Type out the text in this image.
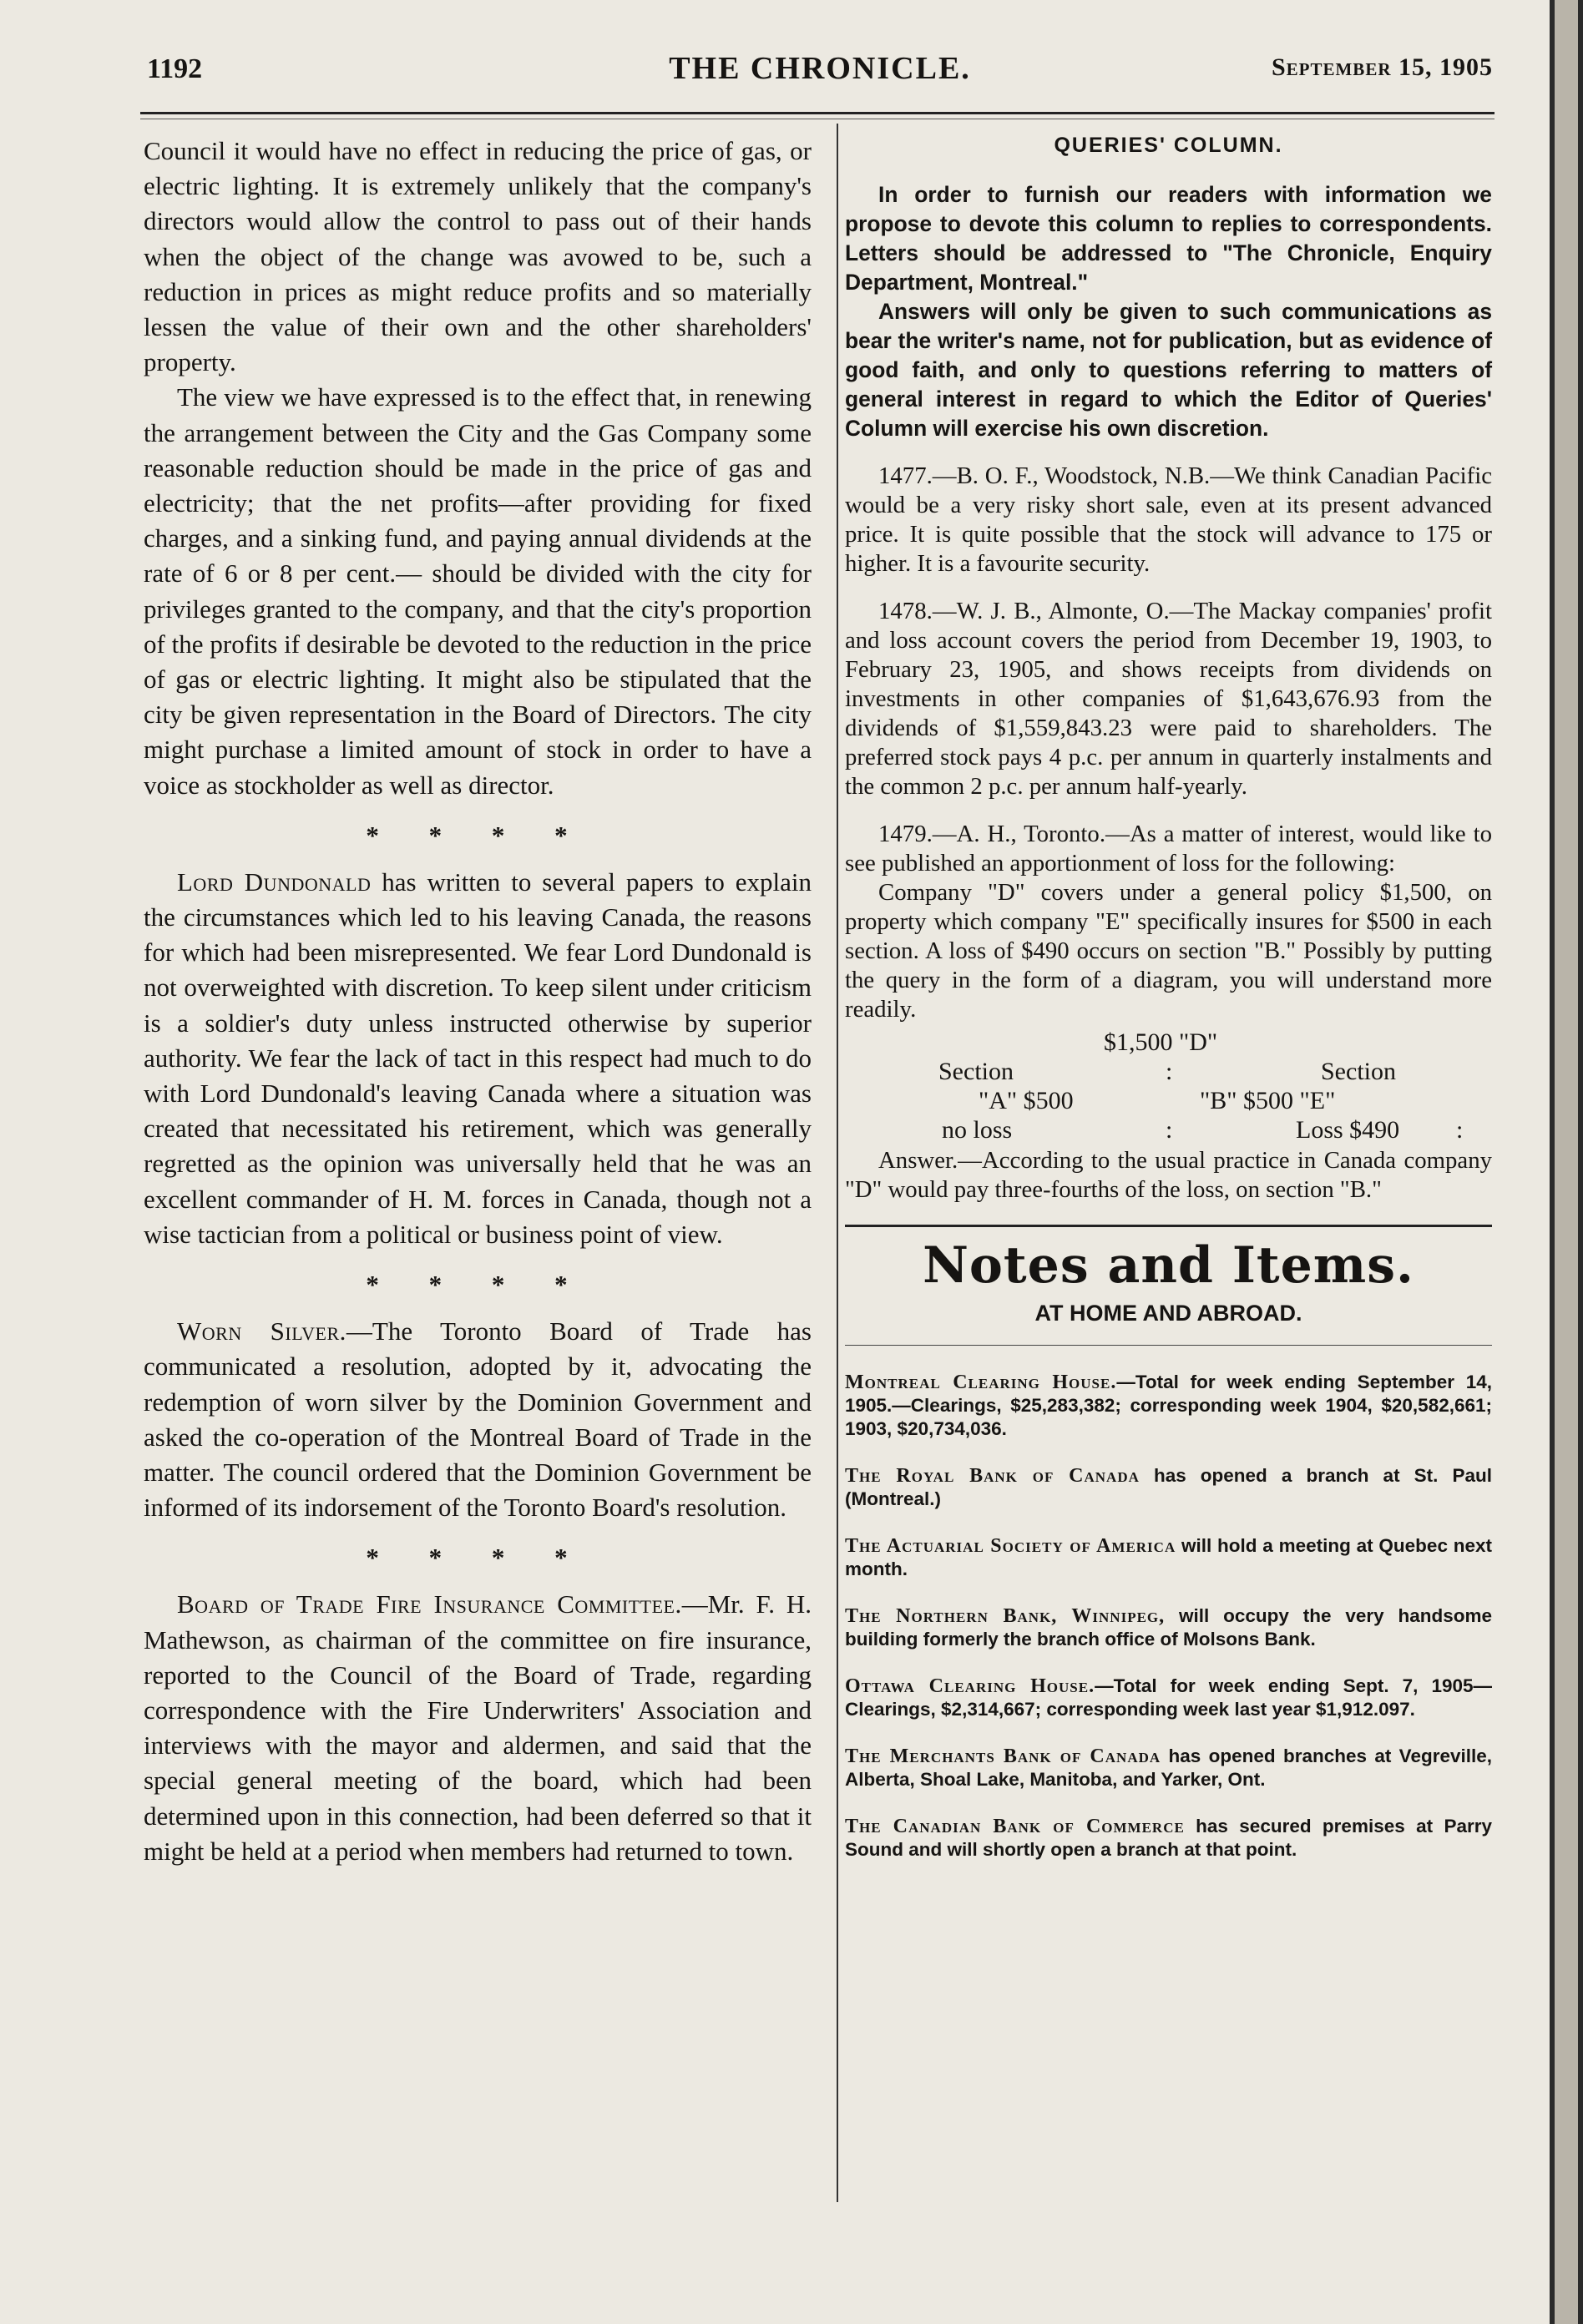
1192	THE CHRONICLE.	September 15, 1905

Council it would have no effect in reducing the price of gas, or electric lighting. It is extremely unlikely that the company's directors would allow the control to pass out of their hands when the object of the change was avowed to be, such a reduction in prices as might reduce profits and so materially lessen the value of their own and the other shareholders' property.

The view we have expressed is to the effect that, in renewing the arrangement between the City and the Gas Company some reasonable reduction should be made in the price of gas and electricity; that the net profits—after providing for fixed charges, and a sinking fund, and paying annual dividends at the rate of 6 or 8 per cent.— should be divided with the city for privileges granted to the company, and that the city's proportion of the profits if desirable be devoted to the reduction in the price of gas or electric lighting. It might also be stipulated that the city be given representation in the Board of Directors. The city might purchase a limited amount of stock in order to have a voice as stockholder as well as director.

* * * *

Lord Dundonald has written to several papers to explain the circumstances which led to his leaving Canada, the reasons for which had been misrepresented. We fear Lord Dundonald is not overweighted with discretion. To keep silent under criticism is a soldier's duty unless instructed otherwise by superior authority. We fear the lack of tact in this respect had much to do with Lord Dundonald's leaving Canada where a situation was created that necessitated his retirement, which was generally regretted as the opinion was universally held that he was an excellent commander of H. M. forces in Canada, though not a wise tactician from a political or business point of view.

* * * *

Worn Silver.—The Toronto Board of Trade has communicated a resolution, adopted by it, advocating the redemption of worn silver by the Dominion Government and asked the co-operation of the Montreal Board of Trade in the matter. The council ordered that the Dominion Government be informed of its indorsement of the Toronto Board's resolution.

* * * *

Board of Trade Fire Insurance Committee.—Mr. F. H. Mathewson, as chairman of the committee on fire insurance, reported to the Council of the Board of Trade, regarding correspondence with the Fire Underwriters' Association and interviews with the mayor and aldermen, and said that the special general meeting of the board, which had been determined upon in this connection, had been deferred so that it might be held at a period when members had returned to town.

QUERIES' COLUMN.

In order to furnish our readers with information we propose to devote this column to replies to correspondents. Letters should be addressed to "The Chronicle, Enquiry Department, Montreal."

Answers will only be given to such communications as bear the writer's name, not for publication, but as evidence of good faith, and only to questions referring to matters of general interest in regard to which the Editor of Queries' Column will exercise his own discretion.

1477.—B. O. F., Woodstock, N.B.—We think Canadian Pacific would be a very risky short sale, even at its present advanced price. It is quite possible that the stock will advance to 175 or higher. It is a favourite security.

1478.—W. J. B., Almonte, O.—The Mackay companies' profit and loss account covers the period from December 19, 1903, to February 23, 1905, and shows receipts from dividends on investments in other companies of $1,643,676.93 from the dividends of $1,559,843.23 were paid to shareholders. The preferred stock pays 4 p.c. per annum in quarterly instalments and the common 2 p.c. per annum half-yearly.

1479.—A. H., Toronto.—As a matter of interest, would like to see published an apportionment of loss for the following:

Company "D" covers under a general policy $1,500, on property which company "E" specifically insures for $500 in each section. A loss of $490 occurs on section "B." Possibly by putting the query in the form of a diagram, you will understand more readily.

$1,500 "D"
Section	:	Section
"A" $500	"B" $500 "E"
no loss	:	Loss $490 :

Answer.—According to the usual practice in Canada company "D" would pay three-fourths of the loss, on section "B."

Notes and Items.
AT HOME AND ABROAD.
Montreal Clearing House.—Total for week ending September 14, 1905.—Clearings, $25,283,382; corresponding week 1904, $20,582,661; 1903, $20,734,036.
The Royal Bank of Canada has opened a branch at St. Paul (Montreal.)
The Actuarial Society of America will hold a meeting at Quebec next month.
The Northern Bank, Winnipeg, will occupy the very handsome building formerly the branch office of Molsons Bank.
Ottawa Clearing House.—Total for week ending Sept. 7, 1905—Clearings, $2,314,667; corresponding week last year $1,912.097.
The Merchants Bank of Canada has opened branches at Vegreville, Alberta, Shoal Lake, Manitoba, and Yarker, Ont.
The Canadian Bank of Commerce has secured premises at Parry Sound and will shortly open a branch at that point.
